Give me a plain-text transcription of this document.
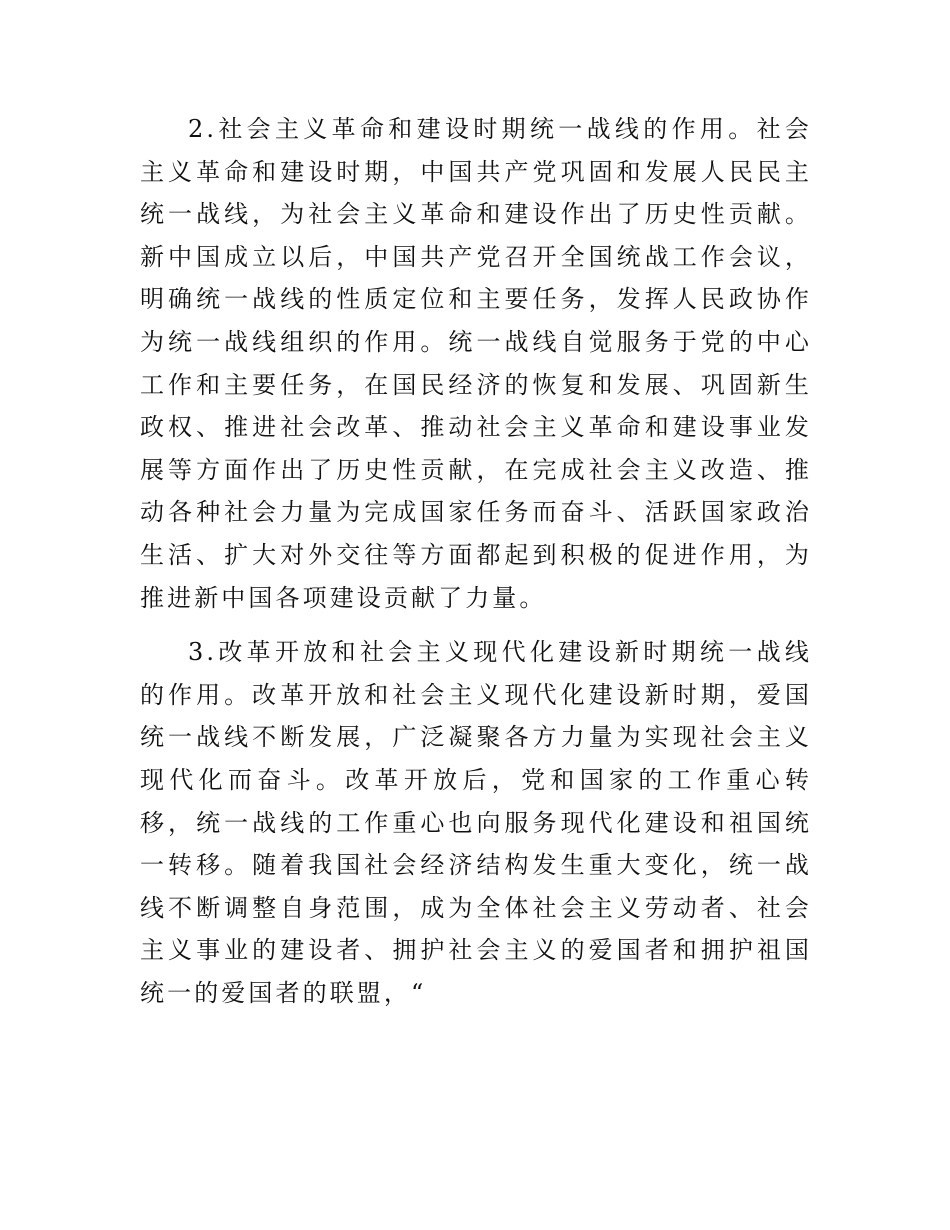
2.社会主义革命和建设时期统一战线的作用。社会主义革命和建设时期，中国共产党巩固和发展人民民主统一战线，为社会主义革命和建设作出了历史性贡献。新中国成立以后，中国共产党召开全国统战工作会议，明确统一战线的性质定位和主要任务，发挥人民政协作为统一战线组织的作用。统一战线自觉服务于党的中心工作和主要任务，在国民经济的恢复和发展、巩固新生政权、推进社会改革、推动社会主义革命和建设事业发展等方面作出了历史性贡献，在完成社会主义改造、推动各种社会力量为完成国家任务而奋斗、活跃国家政治生活、扩大对外交往等方面都起到积极的促进作用，为推进新中国各项建设贡献了力量。

3.改革开放和社会主义现代化建设新时期统一战线的作用。改革开放和社会主义现代化建设新时期，爱国统一战线不断发展，广泛凝聚各方力量为实现社会主义现代化而奋斗。改革开放后，党和国家的工作重心转移，统一战线的工作重心也向服务现代化建设和祖国统一转移。随着我国社会经济结构发生重大变化，统一战线不断调整自身范围，成为全体社会主义劳动者、社会主义事业的建设者、拥护社会主义的爱国者和拥护祖国统一的爱国者的联盟，“
